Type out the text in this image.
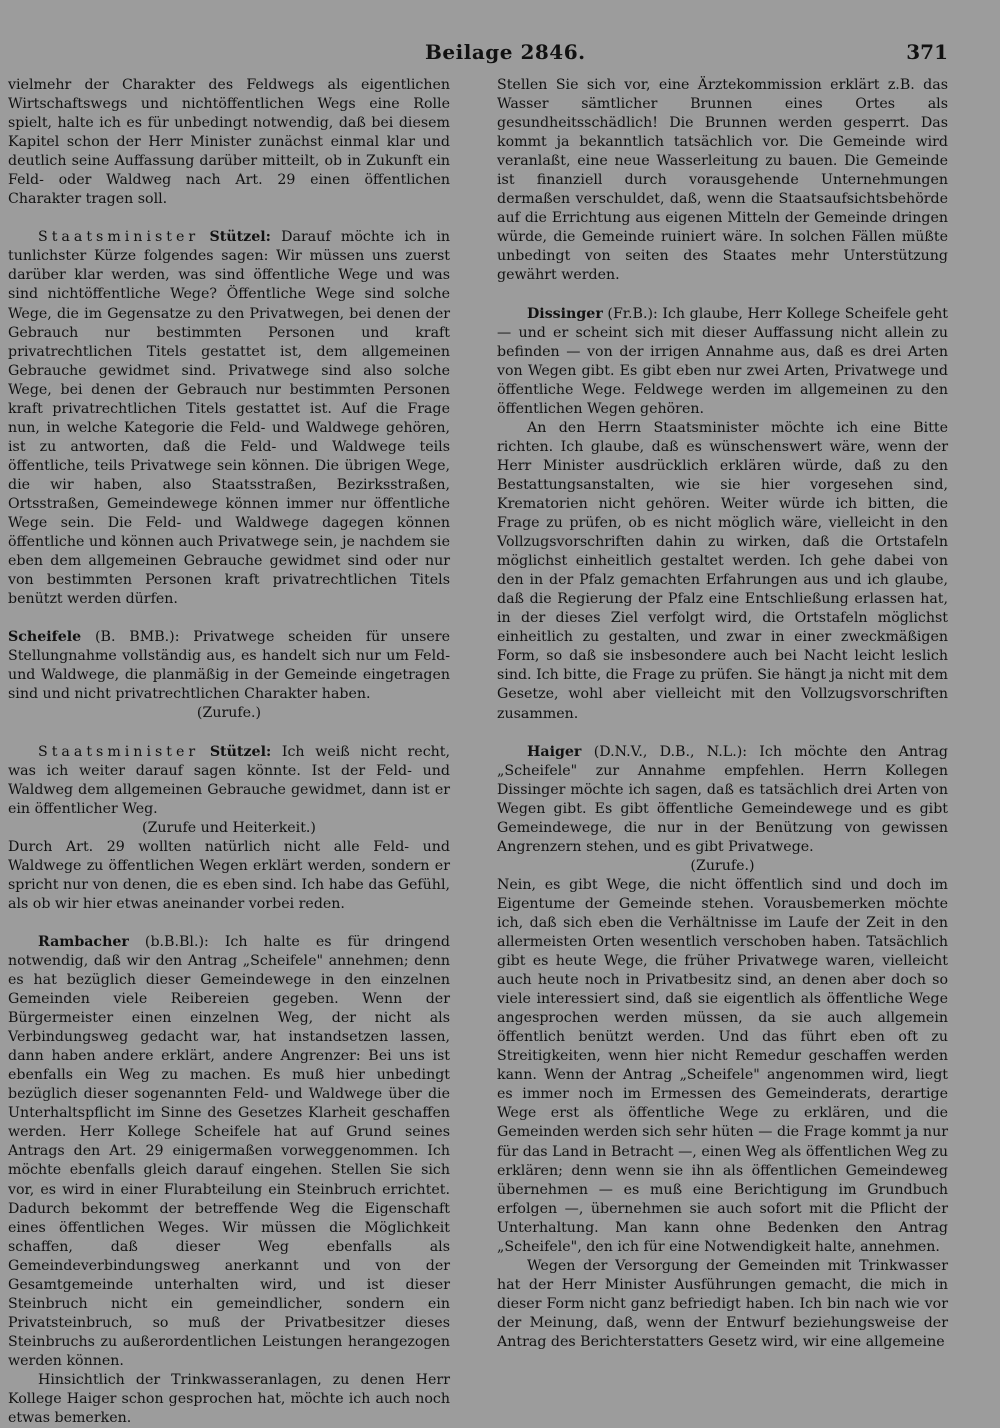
Beilage 2846.	371

vielmehr der Charakter des Feldwegs als eigentlichen Wirtschaftswegs und nichtöffentlichen Wegs eine Rolle spielt, halte ich es für unbedingt notwendig, daß bei diesem Kapitel schon der Herr Minister zunächst einmal klar und deutlich seine Auffassung darüber mitteilt, ob in Zukunft ein Feld- oder Waldweg nach Art. 29 einen öffentlichen Charakter tragen soll.

Staatsminister Stützel: Darauf möchte ich in tunlichster Kürze folgendes sagen: Wir müssen uns zuerst darüber klar werden, was sind öffentliche Wege und was sind nichtöffentliche Wege? Öffentliche Wege sind solche Wege, die im Gegensatze zu den Privatwegen, bei denen der Gebrauch nur bestimmten Personen und kraft privatrechtlichen Titels gestattet ist, dem allgemeinen Gebrauche gewidmet sind. Privatwege sind also solche Wege, bei denen der Gebrauch nur bestimmten Personen kraft privatrechtlichen Titels gestattet ist. Auf die Frage nun, in welche Kategorie die Feld- und Waldwege gehören, ist zu antworten, daß die Feld- und Waldwege teils öffentliche, teils Privatwege sein können. Die übrigen Wege, die wir haben, also Staatsstraßen, Bezirksstraßen, Ortsstraßen, Gemeindewege können immer nur öffentliche Wege sein. Die Feld- und Waldwege dagegen können öffentliche und können auch Privatwege sein, je nachdem sie eben dem allgemeinen Gebrauche gewidmet sind oder nur von bestimmten Personen kraft privatrechtlichen Titels benützt werden dürfen.

Scheifele (B. BMB.): Privatwege scheiden für unsere Stellungnahme vollständig aus, es handelt sich nur um Feld- und Waldwege, die planmäßig in der Gemeinde eingetragen sind und nicht privatrechtlichen Charakter haben.

(Zurufe.)

Staatsminister Stützel: Ich weiß nicht recht, was ich weiter darauf sagen könnte. Ist der Feld- und Waldweg dem allgemeinen Gebrauche gewidmet, dann ist er ein öffentlicher Weg.

(Zurufe und Heiterkeit.)

Durch Art. 29 wollten natürlich nicht alle Feld- und Waldwege zu öffentlichen Wegen erklärt werden, sondern er spricht nur von denen, die es eben sind. Ich habe das Gefühl, als ob wir hier etwas aneinander vorbei reden.

Rambacher (b.B.Bl.): Ich halte es für dringend notwendig, daß wir den Antrag „Scheifele" annehmen; denn es hat bezüglich dieser Gemeindewege in den einzelnen Gemeinden viele Reibereien gegeben. Wenn der Bürgermeister einen einzelnen Weg, der nicht als Verbindungsweg gedacht war, hat instandsetzen lassen, dann haben andere erklärt, andere Angrenzer: Bei uns ist ebenfalls ein Weg zu machen. Es muß hier unbedingt bezüglich dieser sogenannten Feld- und Waldwege über die Unterhaltspflicht im Sinne des Gesetzes Klarheit geschaffen werden. Herr Kollege Scheifele hat auf Grund seines Antrags den Art. 29 einigermaßen vorweggenommen. Ich möchte ebenfalls gleich darauf eingehen. Stellen Sie sich vor, es wird in einer Flurabteilung ein Steinbruch errichtet. Dadurch bekommt der betreffende Weg die Eigenschaft eines öffentlichen Weges. Wir müssen die Möglichkeit schaffen, daß dieser Weg ebenfalls als Gemeindeverbindungsweg anerkannt und von der Gesamtgemeinde unterhalten wird, und ist dieser Steinbruch nicht ein gemeindlicher, sondern ein Privatsteinbruch, so muß der Privatbesitzer dieses Steinbruchs zu außerordentlichen Leistungen herangezogen werden können.

Hinsichtlich der Trinkwasseranlagen, zu denen Herr Kollege Haiger schon gesprochen hat, möchte ich auch noch etwas bemerken.

Stellen Sie sich vor, eine Ärztekommission erklärt z.B. das Wasser sämtlicher Brunnen eines Ortes als gesundheitsschädlich! Die Brunnen werden gesperrt. Das kommt ja bekanntlich tatsächlich vor. Die Gemeinde wird veranlaßt, eine neue Wasserleitung zu bauen. Die Gemeinde ist finanziell durch vorausgehende Unternehmungen dermaßen verschuldet, daß, wenn die Staatsaufsichtsbehörde auf die Errichtung aus eigenen Mitteln der Gemeinde dringen würde, die Gemeinde ruiniert wäre. In solchen Fällen müßte unbedingt von seiten des Staates mehr Unterstützung gewährt werden.

Dissinger (Fr.B.): Ich glaube, Herr Kollege Scheifele geht — und er scheint sich mit dieser Auffassung nicht allein zu befinden — von der irrigen Annahme aus, daß es drei Arten von Wegen gibt. Es gibt eben nur zwei Arten, Privatwege und öffentliche Wege. Feldwege werden im allgemeinen zu den öffentlichen Wegen gehören.

An den Herrn Staatsminister möchte ich eine Bitte richten. Ich glaube, daß es wünschenswert wäre, wenn der Herr Minister ausdrücklich erklären würde, daß zu den Bestattungsanstalten, wie sie hier vorgesehen sind, Krematorien nicht gehören. Weiter würde ich bitten, die Frage zu prüfen, ob es nicht möglich wäre, vielleicht in den Vollzugsvorschriften dahin zu wirken, daß die Ortstafeln möglichst einheitlich gestaltet werden. Ich gehe dabei von den in der Pfalz gemachten Erfahrungen aus und ich glaube, daß die Regierung der Pfalz eine Entschließung erlassen hat, in der dieses Ziel verfolgt wird, die Ortstafeln möglichst einheitlich zu gestalten, und zwar in einer zweckmäßigen Form, so daß sie insbesondere auch bei Nacht leicht leslich sind. Ich bitte, die Frage zu prüfen. Sie hängt ja nicht mit dem Gesetze, wohl aber vielleicht mit den Vollzugsvorschriften zusammen.

Haiger (D.N.V., D.B., N.L.): Ich möchte den Antrag „Scheifele" zur Annahme empfehlen. Herrn Kollegen Dissinger möchte ich sagen, daß es tatsächlich drei Arten von Wegen gibt. Es gibt öffentliche Gemeindewege und es gibt Gemeindewege, die nur in der Benützung von gewissen Angrenzern stehen, und es gibt Privatwege.

(Zurufe.)

Nein, es gibt Wege, die nicht öffentlich sind und doch im Eigentume der Gemeinde stehen. Vorausbemerken möchte ich, daß sich eben die Verhältnisse im Laufe der Zeit in den allermeisten Orten wesentlich verschoben haben. Tatsächlich gibt es heute Wege, die früher Privatwege waren, vielleicht auch heute noch in Privatbesitz sind, an denen aber doch so viele interessiert sind, daß sie eigentlich als öffentliche Wege angesprochen werden müssen, da sie auch allgemein öffentlich benützt werden. Und das führt eben oft zu Streitigkeiten, wenn hier nicht Remedur geschaffen werden kann. Wenn der Antrag „Scheifele" angenommen wird, liegt es immer noch im Ermessen des Gemeinderats, derartige Wege erst als öffentliche Wege zu erklären, und die Gemeinden werden sich sehr hüten — die Frage kommt ja nur für das Land in Betracht —, einen Weg als öffentlichen Weg zu erklären; denn wenn sie ihn als öffentlichen Gemeindeweg übernehmen — es muß eine Berichtigung im Grundbuch erfolgen —, übernehmen sie auch sofort mit die Pflicht der Unterhaltung. Man kann ohne Bedenken den Antrag „Scheifele", den ich für eine Notwendigkeit halte, annehmen.

Wegen der Versorgung der Gemeinden mit Trinkwasser hat der Herr Minister Ausführungen gemacht, die mich in dieser Form nicht ganz befriedigt haben. Ich bin nach wie vor der Meinung, daß, wenn der Entwurf beziehungsweise der Antrag des Berichterstatters Gesetz wird, wir eine allgemeine
